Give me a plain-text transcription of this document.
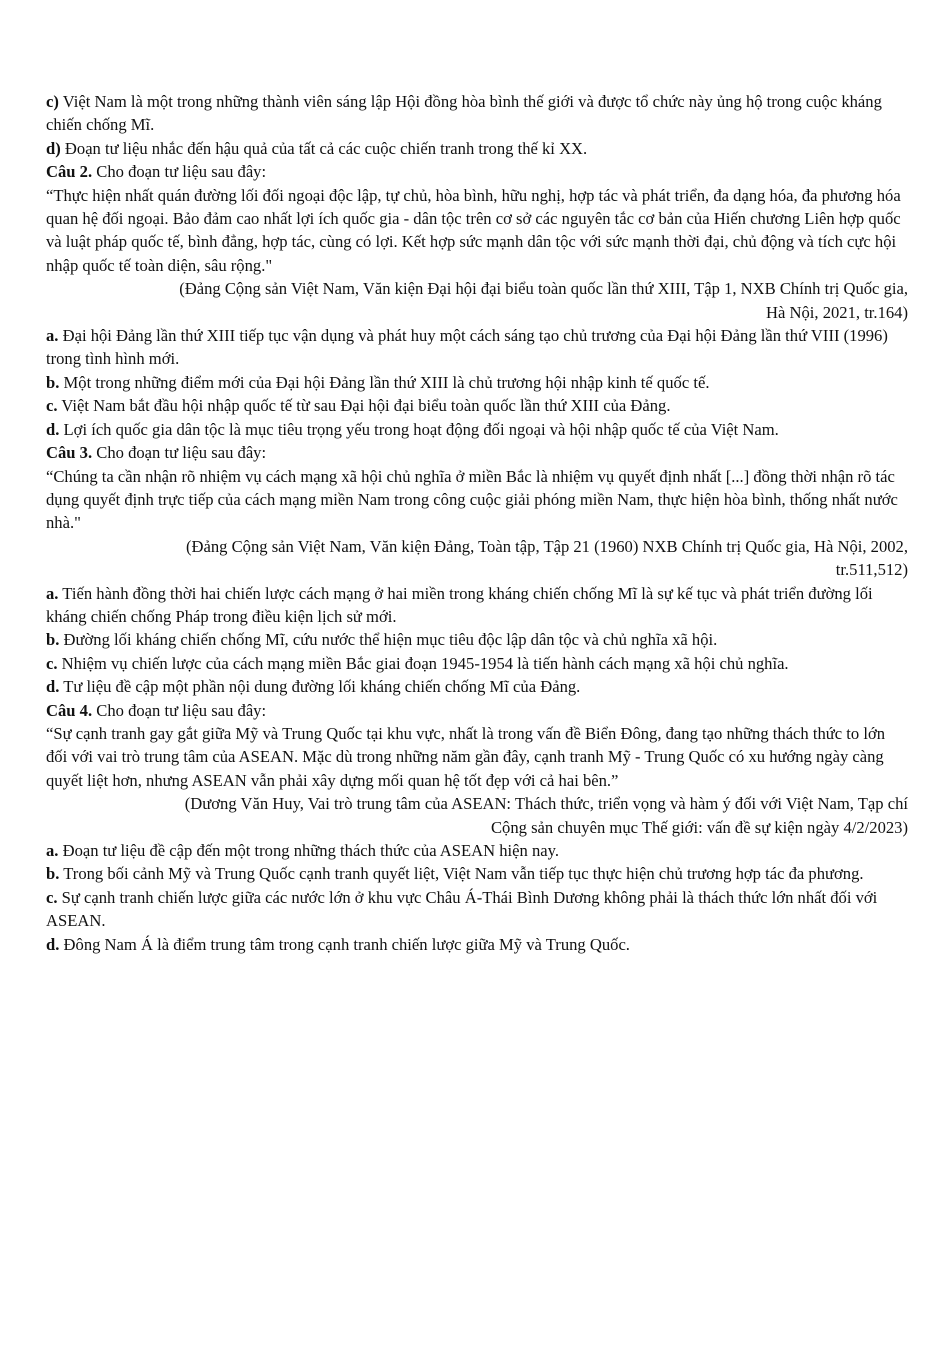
c) Việt Nam là một trong những thành viên sáng lập Hội đồng hòa bình thế giới và được tổ chức này ủng hộ trong cuộc kháng chiến chống Mĩ.

d) Đoạn tư liệu nhắc đến hậu quả của tất cả các cuộc chiến tranh trong thế kỉ XX.

Câu 2. Cho đoạn tư liệu sau đây:

“Thực hiện nhất quán đường lối đối ngoại độc lập, tự chủ, hòa bình, hữu nghị, hợp tác và phát triển, đa dạng hóa, đa phương hóa quan hệ đối ngoại. Bảo đảm cao nhất lợi ích quốc gia - dân tộc trên cơ sở các nguyên tắc cơ bản của Hiến chương Liên hợp quốc và luật pháp quốc tế, bình đẳng, hợp tác, cùng có lợi. Kết hợp sức mạnh dân tộc với sức mạnh thời đại, chủ động và tích cực hội nhập quốc tế toàn diện, sâu rộng."

(Đảng Cộng sản Việt Nam, Văn kiện Đại hội đại biểu toàn quốc lần thứ XIII, Tập 1, NXB Chính trị Quốc gia,
Hà Nội, 2021, tr.164)

a. Đại hội Đảng lần thứ XIII tiếp tục vận dụng và phát huy một cách sáng tạo chủ trương của Đại hội Đảng lần thứ VIII (1996) trong tình hình mới.

b. Một trong những điểm mới của Đại hội Đảng lần thứ XIII là chủ trương hội nhập kinh tế quốc tế.

c. Việt Nam bắt đầu hội nhập quốc tế từ sau Đại hội đại biểu toàn quốc lần thứ XIII của Đảng.

d. Lợi ích quốc gia dân tộc là mục tiêu trọng yếu trong hoạt động đối ngoại và hội nhập quốc tế của Việt Nam.

Câu 3. Cho đoạn tư liệu sau đây:

“Chúng ta cần nhận rõ nhiệm vụ cách mạng xã hội chủ nghĩa ở miền Bắc là nhiệm vụ quyết định nhất [...] đồng thời nhận rõ tác dụng quyết định trực tiếp của cách mạng miền Nam trong công cuộc giải phóng miền Nam, thực hiện hòa bình, thống nhất nước nhà."

(Đảng Cộng sản Việt Nam, Văn kiện Đảng, Toàn tập, Tập 21 (1960) NXB Chính trị Quốc gia, Hà Nội, 2002,
tr.511,512)

a. Tiến hành đồng thời hai chiến lược cách mạng ở hai miền trong kháng chiến chống Mĩ là sự kế tục và phát triển đường lối kháng chiến chống Pháp trong điều kiện lịch sử mới.

b. Đường lối kháng chiến chống Mĩ, cứu nước thể hiện mục tiêu độc lập dân tộc và chủ nghĩa xã hội.

c. Nhiệm vụ chiến lược của cách mạng miền Bắc giai đoạn 1945-1954 là tiến hành cách mạng xã hội chủ nghĩa.

d. Tư liệu đề cập một phần nội dung đường lối kháng chiến chống Mĩ của Đảng.

Câu 4. Cho đoạn tư liệu sau đây:

“Sự cạnh tranh gay gắt giữa Mỹ và Trung Quốc tại khu vực, nhất là trong vấn đề Biển Đông, đang tạo những thách thức to lớn đối với vai trò trung tâm của ASEAN. Mặc dù trong những năm gần đây, cạnh tranh Mỹ - Trung Quốc có xu hướng ngày càng quyết liệt hơn, nhưng ASEAN vẫn phải xây dựng mối quan hệ tốt đẹp với cả hai bên.”

(Dương Văn Huy, Vai trò trung tâm của ASEAN: Thách thức, triển vọng và hàm ý đối với Việt Nam, Tạp chí
Cộng sản chuyên mục Thế giới: vấn đề sự kiện ngày 4/2/2023)

a. Đoạn tư liệu đề cập đến một trong những thách thức của ASEAN hiện nay.

b. Trong bối cảnh Mỹ và Trung Quốc cạnh tranh quyết liệt, Việt Nam vẫn tiếp tục thực hiện chủ trương hợp tác đa phương.

c. Sự cạnh tranh chiến lược giữa các nước lớn ở khu vực Châu Á-Thái Bình Dương không phải là thách thức lớn nhất đối với ASEAN.

d. Đông Nam Á là điểm trung tâm trong cạnh tranh chiến lược giữa Mỹ và Trung Quốc.
